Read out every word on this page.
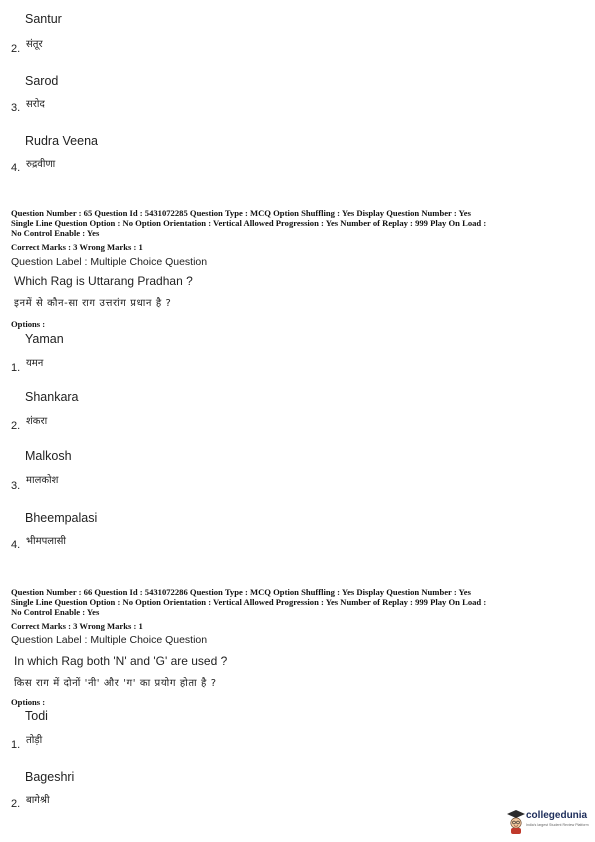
Santur
2. संतूर
Sarod
3. सरोद
Rudra Veena
4. रुद्रवीणा
Question Number : 65 Question Id : 5431072285 Question Type : MCQ Option Shuffling : Yes Display Question Number : Yes
Single Line Question Option : No Option Orientation : Vertical Allowed Progression : Yes Number of Replay : 999 Play On Load :
No Control Enable : Yes
Correct Marks : 3 Wrong Marks : 1
Question Label : Multiple Choice Question
Which Rag is Uttarang Pradhan ?
इनमें से कौन-सा राग उत्तरांग प्रधान है ?
Options :
Yaman
1. यमन
Shankara
2. शंकरा
Malkosh
3. मालकोश
Bheempalasi
4. भीमपलासी
Question Number : 66 Question Id : 5431072286 Question Type : MCQ Option Shuffling : Yes Display Question Number : Yes
Single Line Question Option : No Option Orientation : Vertical Allowed Progression : Yes Number of Replay : 999 Play On Load :
No Control Enable : Yes
Correct Marks : 3 Wrong Marks : 1
Question Label : Multiple Choice Question
In which Rag both 'N' and 'G' are used ?
किस राग में दोनों 'नी' और 'ग' का प्रयोग होता है ?
Options :
Todi
1. तोड़ी
Bageshri
2. बागेश्री
collegedunia
India's largest Student Review Platform
